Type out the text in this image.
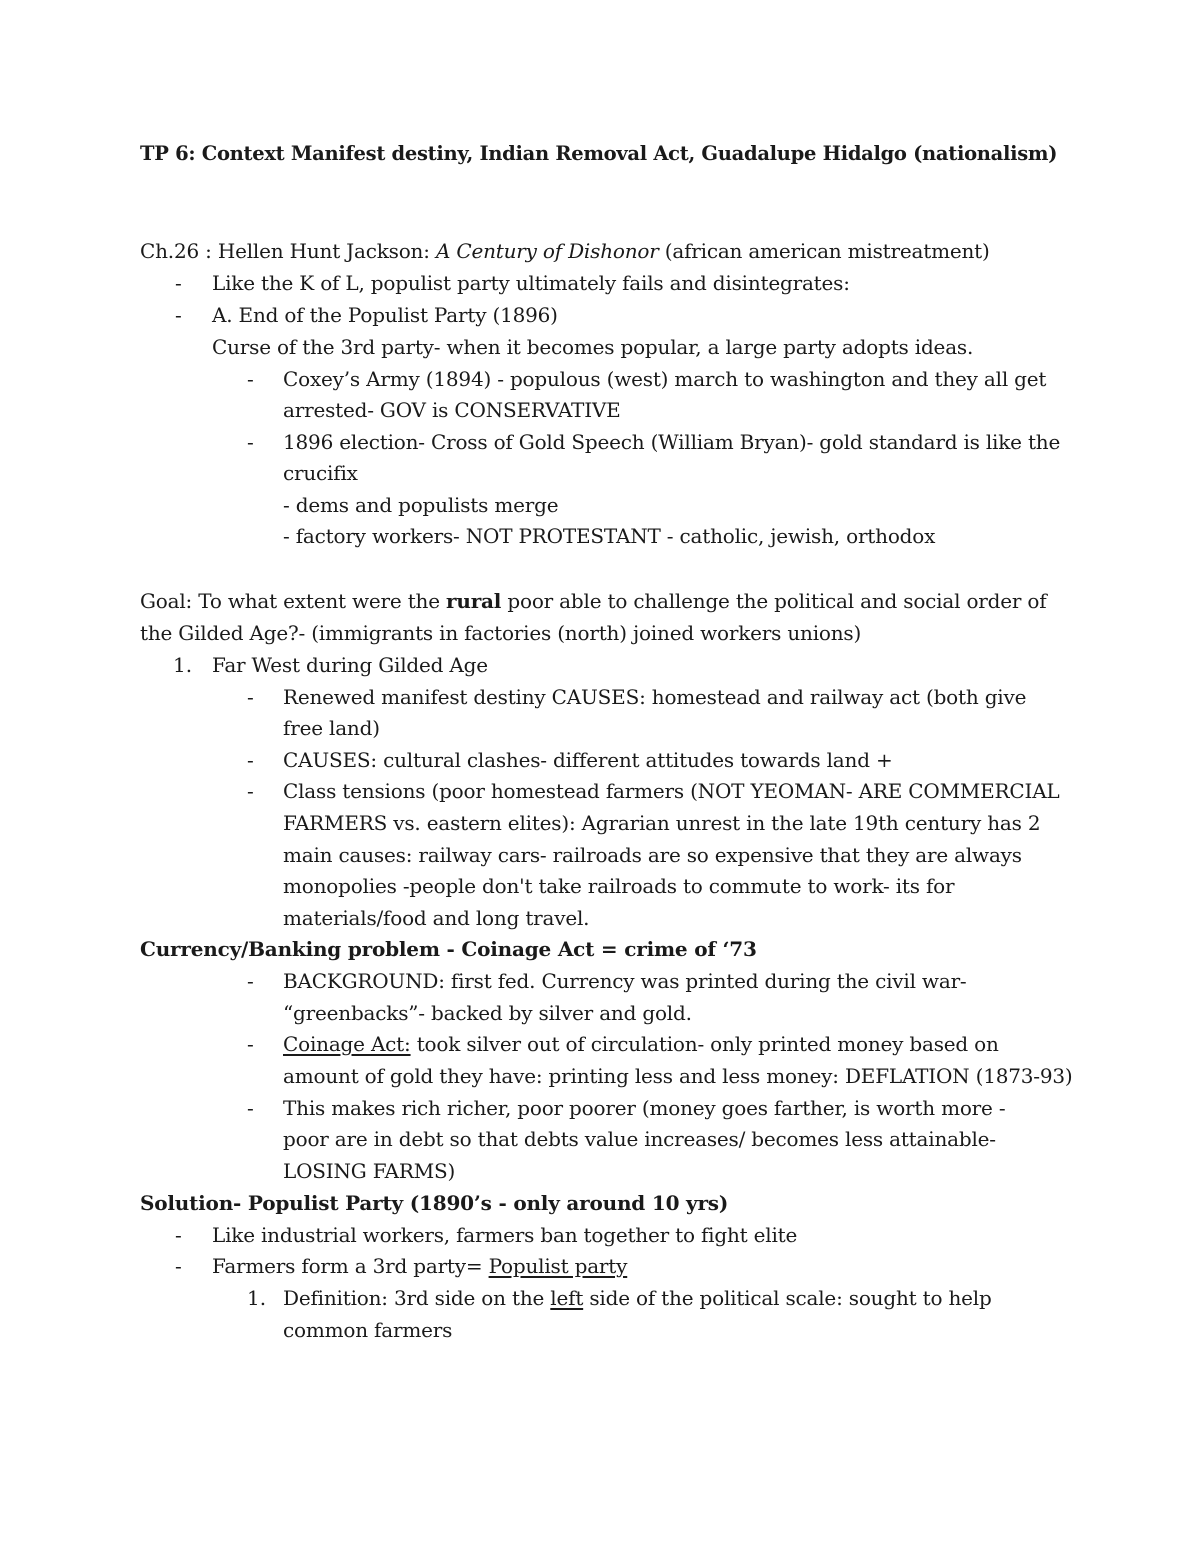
TP 6: Context Manifest destiny, Indian Removal Act, Guadalupe Hidalgo (nationalism)
Ch.26 : Hellen Hunt Jackson: A Century of Dishonor (african american mistreatment)
- Like the K of L, populist party ultimately fails and disintegrates:
- A. End of the Populist Party (1896)
Curse of the 3rd party- when it becomes popular, a large party adopts ideas.
- Coxey’s Army (1894) - populous (west) march to washington and they all get
arrested- GOV is CONSERVATIVE
- 1896 election- Cross of Gold Speech (William Bryan)- gold standard is like the
crucifix
- dems and populists merge
- factory workers- NOT PROTESTANT - catholic, jewish, orthodox
Goal: To what extent were the rural poor able to challenge the political and social order of
the Gilded Age?- (immigrants in factories (north) joined workers unions)
1. Far West during Gilded Age
- Renewed manifest destiny CAUSES: homestead and railway act (both give
free land)
- CAUSES: cultural clashes- different attitudes towards land +
- Class tensions (poor homestead farmers (NOT YEOMAN- ARE COMMERCIAL
FARMERS vs. eastern elites): Agrarian unrest in the late 19th century has 2
main causes: railway cars- railroads are so expensive that they are always
monopolies -people don't take railroads to commute to work- its for
materials/food and long travel.
Currency/Banking problem - Coinage Act = crime of ‘73
- BACKGROUND: first fed. Currency was printed during the civil war-
“greenbacks”- backed by silver and gold.
- Coinage Act: took silver out of circulation- only printed money based on
amount of gold they have: printing less and less money: DEFLATION (1873-93)
- This makes rich richer, poor poorer (money goes farther, is worth more -
poor are in debt so that debts value increases/ becomes less attainable-
LOSING FARMS)
Solution- Populist Party (1890’s - only around 10 yrs)
- Like industrial workers, farmers ban together to fight elite
- Farmers form a 3rd party= Populist party
1. Definition: 3rd side on the left side of the political scale: sought to help
common farmers
